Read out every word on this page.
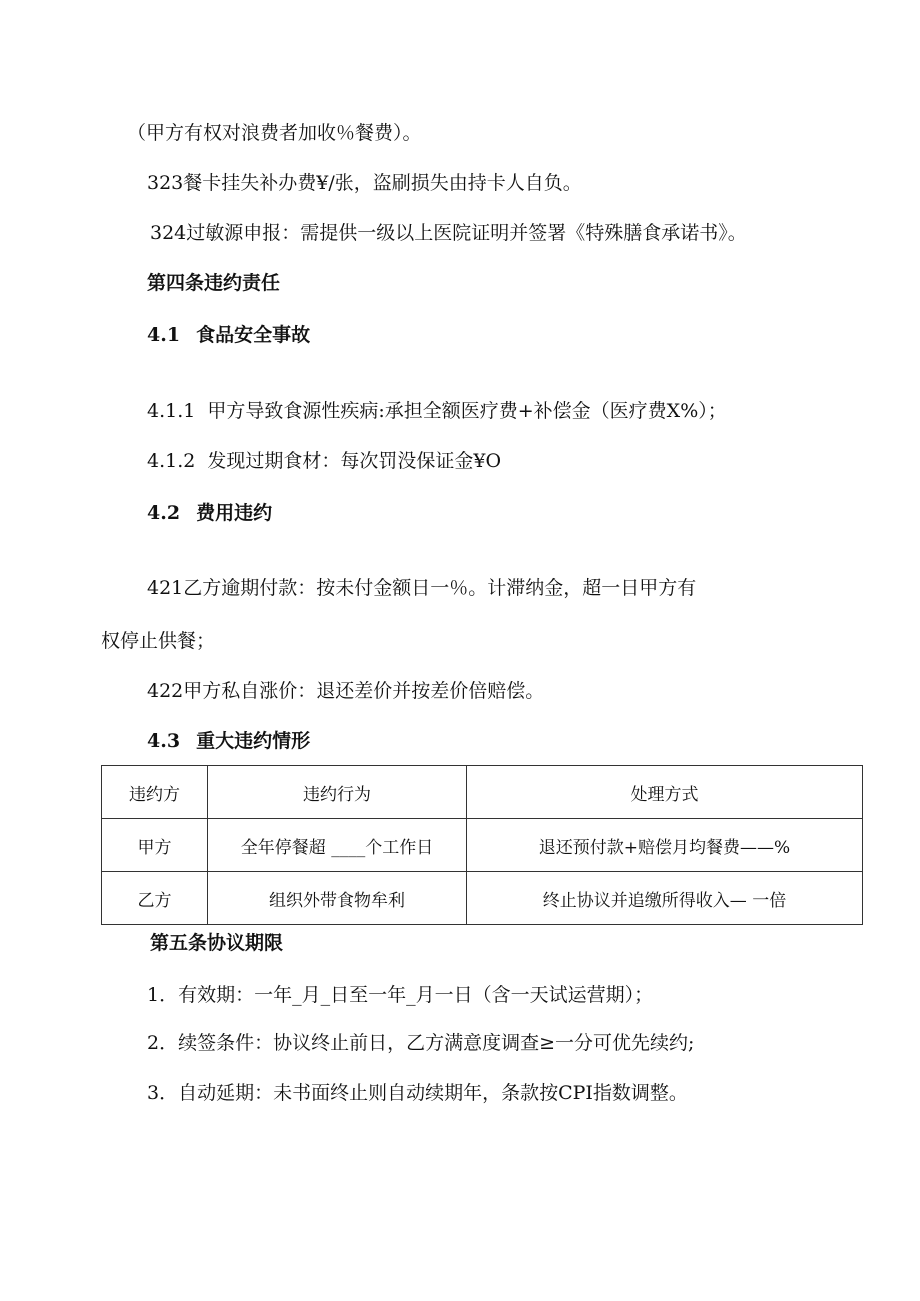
（甲方有权对浪费者加收％餐费）。

323餐卡挂失补办费¥/张，盗刷损失由持卡人自负。

324过敏源申报：需提供一级以上医院证明并签署《特殊膳食承诺书》。

第四条违约责任

4.1 食品安全事故

4.1.1 甲方导致食源性疾病:承担全额医疗费+补偿金（医疗费X%）；

4.1.2 发现过期食材：每次罚没保证金¥O

4.2 费用违约

421乙方逾期付款：按未付金额日一％。计滞纳金，超一日甲方有

权停止供餐；

422甲方私自涨价：退还差价并按差价倍赔偿。

4.3 重大违约情形

违约方	违约行为	处理方式
甲方	全年停餐超 ____个工作日	退还预付款+赔偿月均餐费——%
乙方	组织外带食物牟利	终止协议并追缴所得收入— 一倍

第五条协议期限

1．有效期：一年_月_日至一年_月一日（含一天试运营期）；

2．续签条件：协议终止前日，乙方满意度调查≥一分可优先续约;

3．自动延期：未书面终止则自动续期年，条款按CPI指数调整。
